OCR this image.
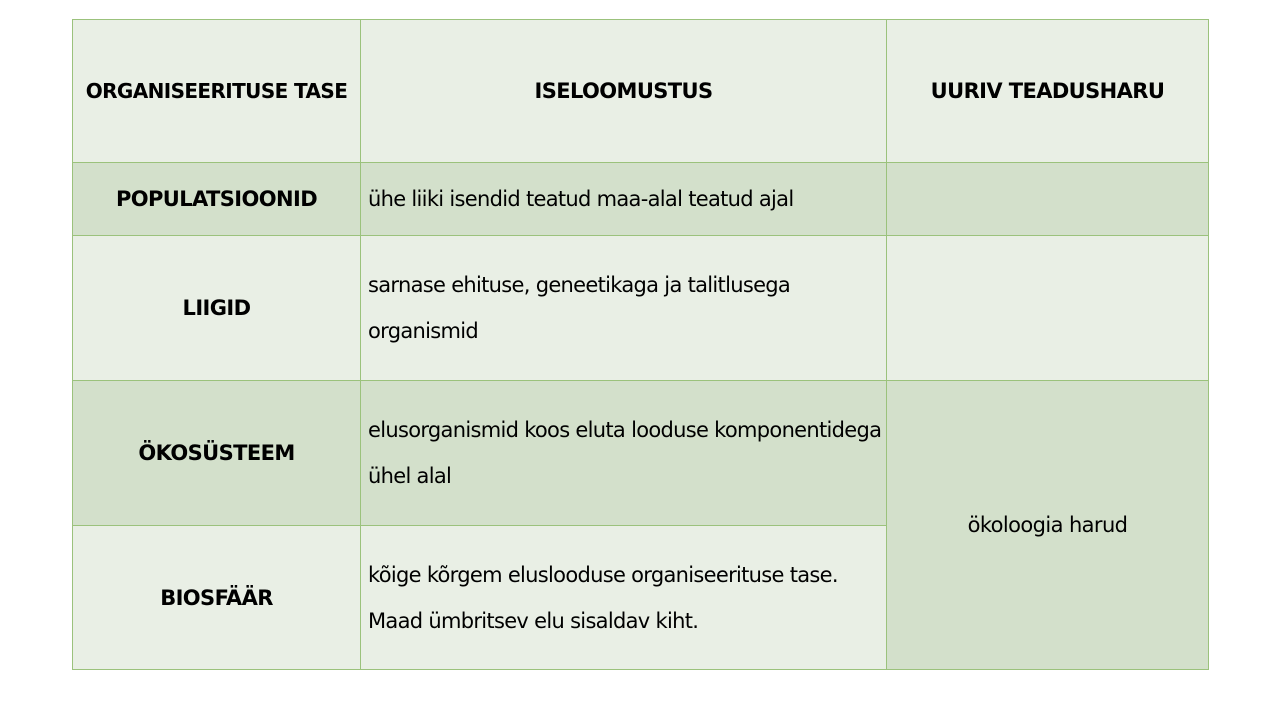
ORGANISEERITUSE TASE	ISELOOMUSTUS	UURIV TEADUSHARU
POPULATSIOONID	ühe liiki isendid teatud maa-alal teatud ajal	
LIIGID	sarnase ehituse, geneetikaga ja talitlusega organismid	
ÖKOSÜSTEEM	elusorganismid koos eluta looduse komponentidega ühel alal	ökoloogia harud
BIOSFÄÄR	kõige kõrgem elusloodusе organiseerituse tase. Maad ümbritsev elu sisaldav kiht.	
